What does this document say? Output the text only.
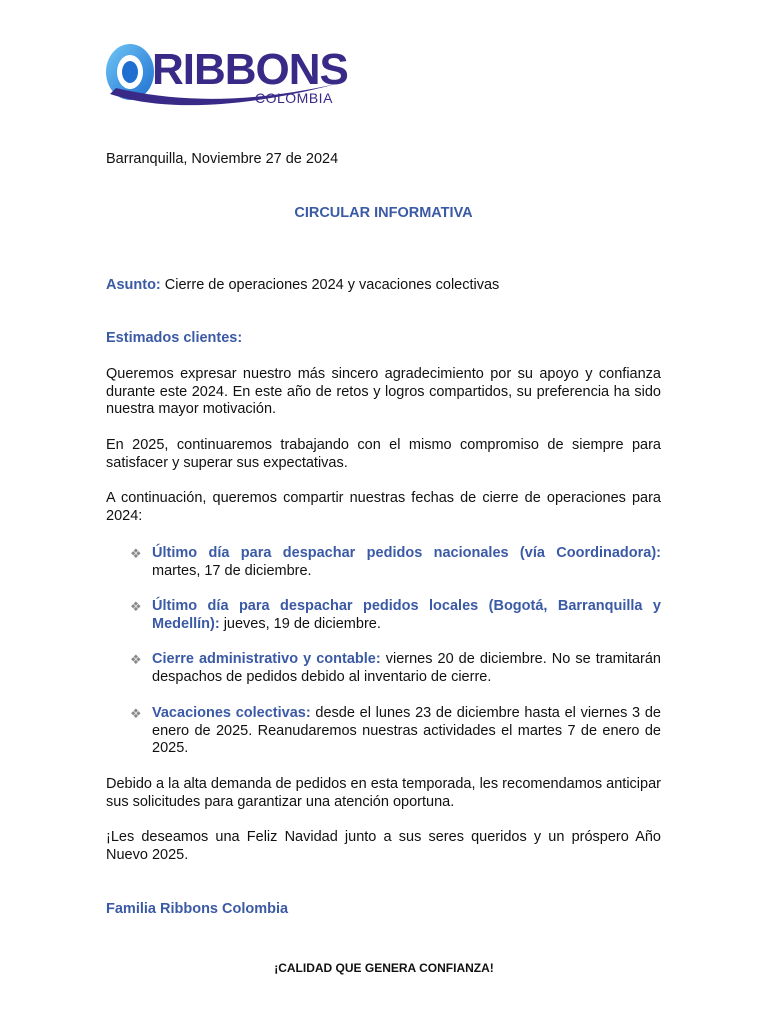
RIBBONS
COLOMBIA
Barranquilla, Noviembre 27 de 2024
CIRCULAR INFORMATIVA
Asunto: Cierre de operaciones 2024 y vacaciones colectivas
Estimados clientes:
Queremos expresar nuestro más sincero agradecimiento por su apoyo y confianza durante este 2024. En este año de retos y logros compartidos, su preferencia ha sido nuestra mayor motivación.
En 2025, continuaremos trabajando con el mismo compromiso de siempre para satisfacer y superar sus expectativas.
A continuación, queremos compartir nuestras fechas de cierre de operaciones para 2024:
❖ Último día para despachar pedidos nacionales (vía Coordinadora): martes, 17 de diciembre.
❖ Último día para despachar pedidos locales (Bogotá, Barranquilla y Medellín): jueves, 19 de diciembre.
❖ Cierre administrativo y contable: viernes 20 de diciembre. No se tramitarán despachos de pedidos debido al inventario de cierre.
❖ Vacaciones colectivas: desde el lunes 23 de diciembre hasta el viernes 3 de enero de 2025. Reanudaremos nuestras actividades el martes 7 de enero de 2025.
Debido a la alta demanda de pedidos en esta temporada, les recomendamos anticipar sus solicitudes para garantizar una atención oportuna.
¡Les deseamos una Feliz Navidad junto a sus seres queridos y un próspero Año Nuevo 2025.
Familia Ribbons Colombia
¡CALIDAD QUE GENERA CONFIANZA!
